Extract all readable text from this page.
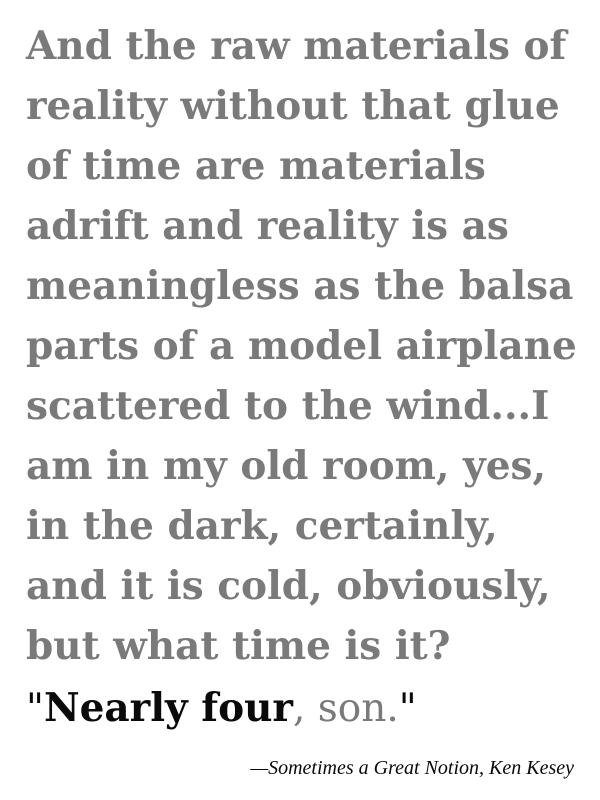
And the raw materials of

reality without that glue

of time are materials

adrift and reality is as

meaningless as the balsa

parts of a model airplane

scattered to the wind...I

am in my old room, yes,

in the dark, certainly,

and it is cold, obviously,

but what time is it?

"Nearly four, son."

—Sometimes a Great Notion, Ken Kesey
